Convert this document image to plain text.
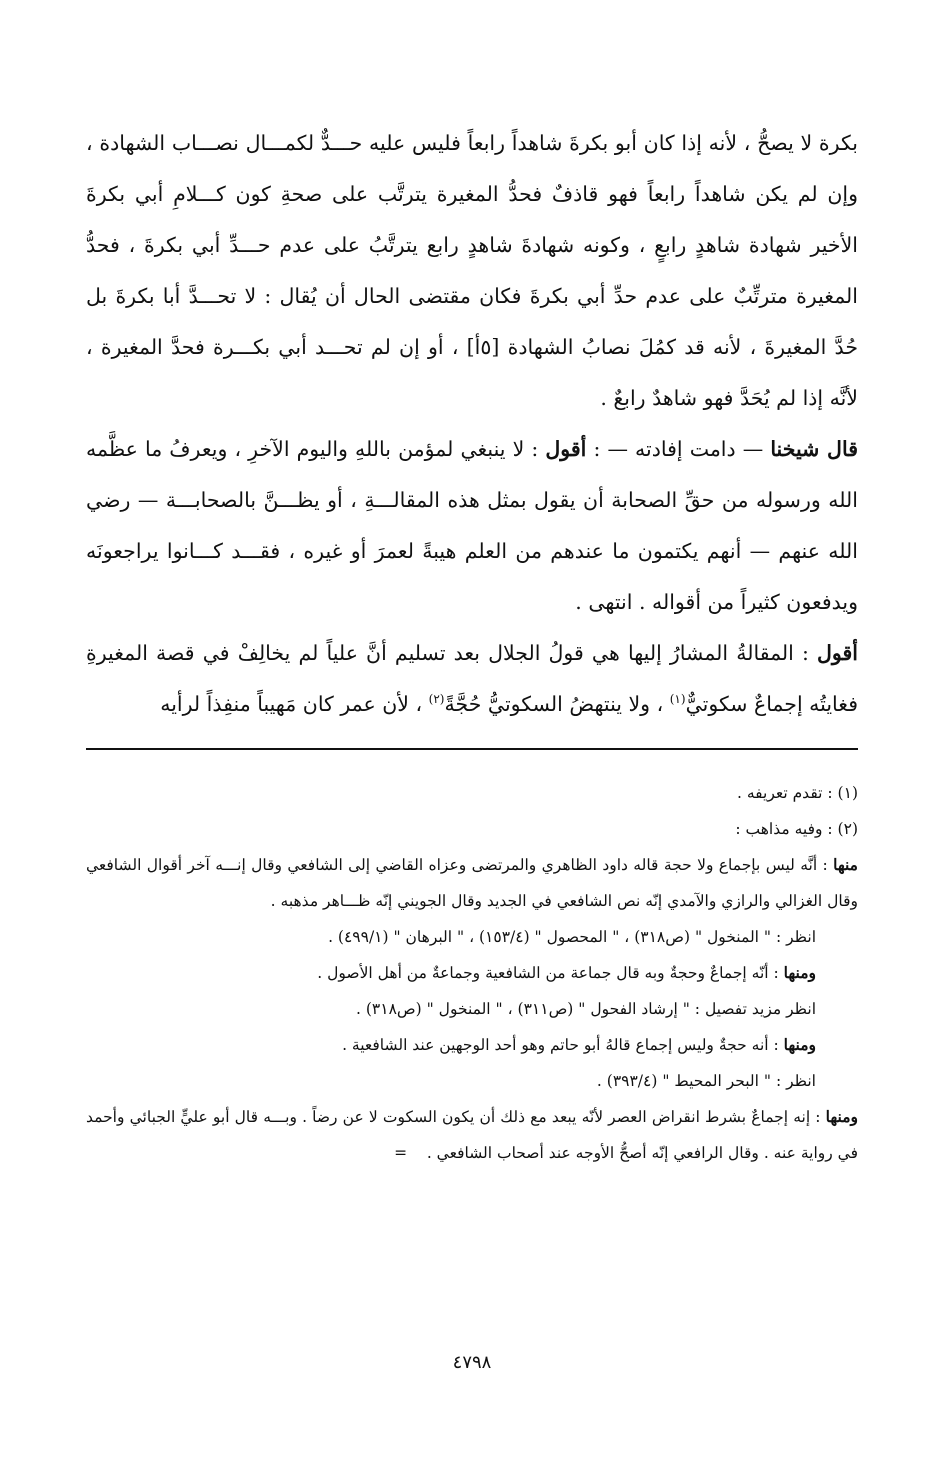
بكرة لا يصحُّ ، لأنه إذا كان أبو بكرةَ شاهداً رابعاً فليس عليه حـــدٌّ لكمـــال نصـــاب الشهادة ، وإن لم يكن شاهداً رابعاً فهو قاذفٌ فحدُّ المغيرة يترتَّب على صحةِ كون كـــلامِ أبي بكرةَ الأخير شهادة شاهدٍ رابعٍ ، وكونه شهادةَ شاهدٍ رابع يترتَّبُ على عدم حـــدِّ أبي بكرةَ ، فحدُّ المغيرة مترتِّبٌ على عدم حدِّ أبي بكرةَ فكان مقتضى الحال أن يُقال : لا تحـــدَّ أبا بكرةَ بل حُدَّ المغيرةَ ، لأنه قد كمُلَ نصابُ الشهادة [٥أ] ، أو إن لم تحـــد أبي بكـــرة فحدَّ المغيرة ، لأنَّه إذا لم يُحَدَّ فهو شاهدٌ رابعٌ .

قال شيخنا — دامت إفادته — : أقول : لا ينبغي لمؤمن باللهِ واليوم الآخرِ ، ويعرفُ ما عظَّمه الله ورسوله من حقِّ الصحابة أن يقول بمثل هذه المقالـــةِ ، أو يظـــنَّ بالصحابـــة — رضي الله عنهم — أنهم يكتمون ما عندهم من العلم هيبةً لعمرَ أو غيره ، فقـــد كـــانوا يراجعونَه ويدفعون كثيراً من أقواله . انتهى .

أقول : المقالةُ المشارُ إليها هي قولُ الجلال بعد تسليم أنَّ علياً لم يخالِفْ في قصة المغيرةِ فغايتُه إجماعٌ سكوتيٌّ$^{(١)}$ ، ولا ينتهضُ السكوتيُّ حُجَّةً$^{(٢)}$ ، لأن عمر كان مَهيباً منفِذاً لرأيه

(١) : تقدم تعريفه .

(٢) : وفيه مذاهب :

منها : أنَّه ليس بإجماع ولا حجة قاله داود الظاهري والمرتضى وعزاه القاضي إلى الشافعي وقال إنـــه آخر أقوال الشافعي وقال الغزالي والرازي والآمدي إنّه نص الشافعي في الجديد وقال الجويني إنّه ظـــاهر مذهبه .

انظر : " المنخول " (ص٣١٨) ، " المحصول " (١٥٣/٤) ، " البرهان " (٤٩٩/١) .

ومنها : أنّه إجماعٌ وحجةٌ وبه قال جماعة من الشافعية وجماعةٌ من أهل الأصول .

انظر مزيد تفصيل : " إرشاد الفحول " (ص٣١١) ، " المنخول " (ص٣١٨) .

ومنها : أنه حجةٌ وليس إجماع قالهُ أبو حاتم وهو أحد الوجهين عند الشافعية .

انظر : " البحر المحيط " (٣٩٣/٤) .

ومنها : إنه إجماعٌ بشرط انقراض العصر لأنّه يبعد مع ذلك أن يكون السكوت لا عن رضاً . وبـــه قال أبو عليٍّ الجبائي وأحمد في رواية عنه . وقال الرافعي إنّه أصحُّ الأوجه عند أصحاب الشافعي .    =

٤٧٩٨
